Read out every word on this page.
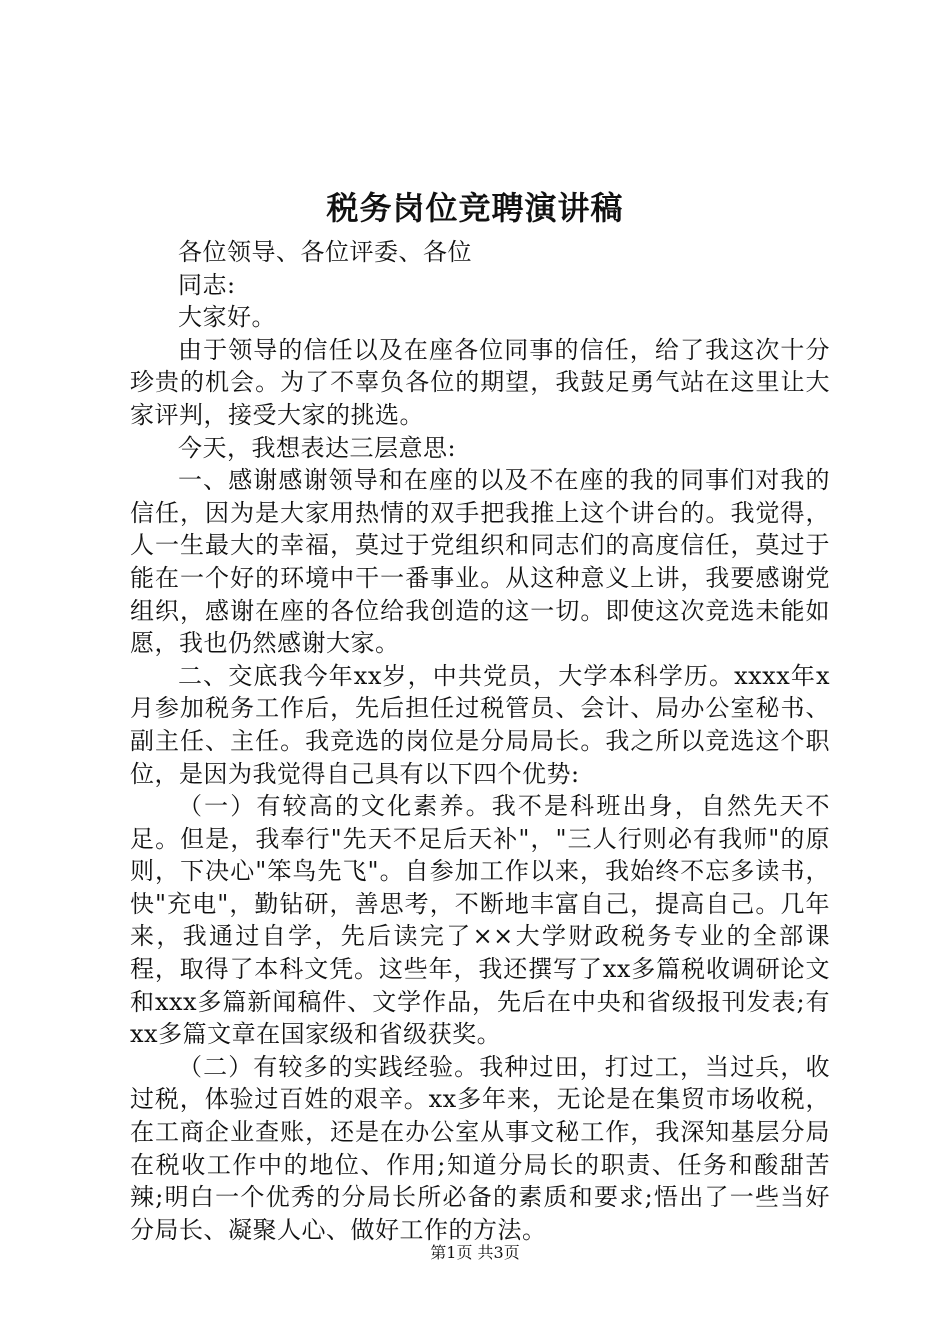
税务岗位竞聘演讲稿

各位领导、各位评委、各位

同志:

大家好。

由于领导的信任以及在座各位同事的信任，给了我这次十分珍贵的机会。为了不辜负各位的期望，我鼓足勇气站在这里让大家评判，接受大家的挑选。

今天，我想表达三层意思:

一、感谢感谢领导和在座的以及不在座的我的同事们对我的信任，因为是大家用热情的双手把我推上这个讲台的。我觉得，人一生最大的幸福，莫过于党组织和同志们的高度信任，莫过于能在一个好的环境中干一番事业。从这种意义上讲，我要感谢党组织，感谢在座的各位给我创造的这一切。即使这次竞选未能如愿，我也仍然感谢大家。

二、交底我今年xx岁，中共党员，大学本科学历。xxxx年x月参加税务工作后，先后担任过税管员、会计、局办公室秘书、副主任、主任。我竞选的岗位是分局局长。我之所以竞选这个职位，是因为我觉得自己具有以下四个优势:

（一）有较高的文化素养。我不是科班出身，自然先天不足。但是，我奉行"先天不足后天补"，"三人行则必有我师"的原则，下决心"笨鸟先飞"。自参加工作以来，我始终不忘多读书，快"充电"，勤钻研，善思考，不断地丰富自己，提高自己。几年来，我通过自学，先后读完了××大学财政税务专业的全部课程，取得了本科文凭。这些年，我还撰写了xx多篇税收调研论文和xxx多篇新闻稿件、文学作品，先后在中央和省级报刊发表;有xx多篇文章在国家级和省级获奖。

（二）有较多的实践经验。我种过田，打过工，当过兵，收过税，体验过百姓的艰辛。xx多年来，无论是在集贸市场收税，在工商企业查账，还是在办公室从事文秘工作，我深知基层分局在税收工作中的地位、作用;知道分局长的职责、任务和酸甜苦辣;明白一个优秀的分局长所必备的素质和要求;悟出了一些当好分局长、凝聚人心、做好工作的方法。

第1页 共3页
